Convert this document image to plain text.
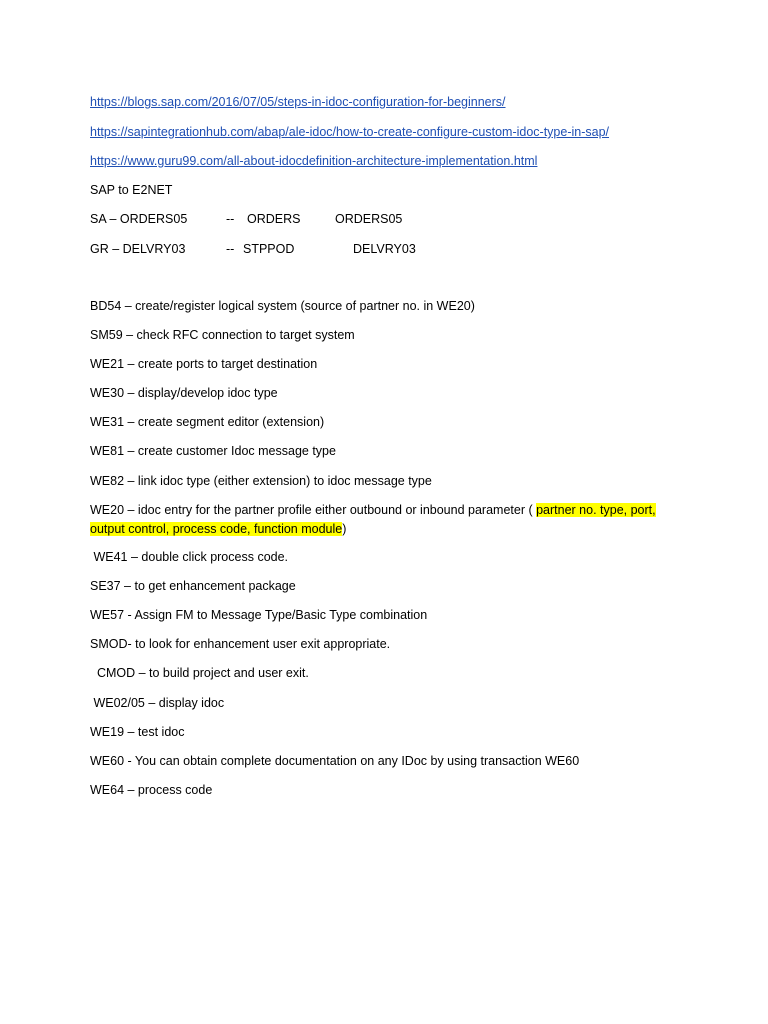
https://blogs.sap.com/2016/07/05/steps-in-idoc-configuration-for-beginners/
https://sapintegrationhub.com/abap/ale-idoc/how-to-create-configure-custom-idoc-type-in-sap/
https://www.guru99.com/all-about-idocdefinition-architecture-implementation.html
SAP to E2NET
SA – ORDERS05	-- ORDERS	ORDERS05
GR – DELVRY03	-- STPPOD	DELVRY03
BD54 – create/register logical system (source of partner no. in WE20)
SM59 – check RFC connection to target system
WE21 – create ports to target destination
WE30 – display/develop idoc type
WE31 – create segment editor (extension)
WE81 – create customer Idoc message type
WE82 – link idoc type (either extension) to idoc message type
WE20 – idoc entry for the partner profile either outbound or inbound parameter ( partner no. type, port, output control, process code, function module)
WE41 – double click process code.
SE37 – to get enhancement package
WE57 - Assign FM to Message Type/Basic Type combination
SMOD- to look for enhancement user exit appropriate.
CMOD – to build project and user exit.
WE02/05 – display idoc
WE19 – test idoc
WE60 - You can obtain complete documentation on any IDoc by using transaction WE60
WE64 – process code
